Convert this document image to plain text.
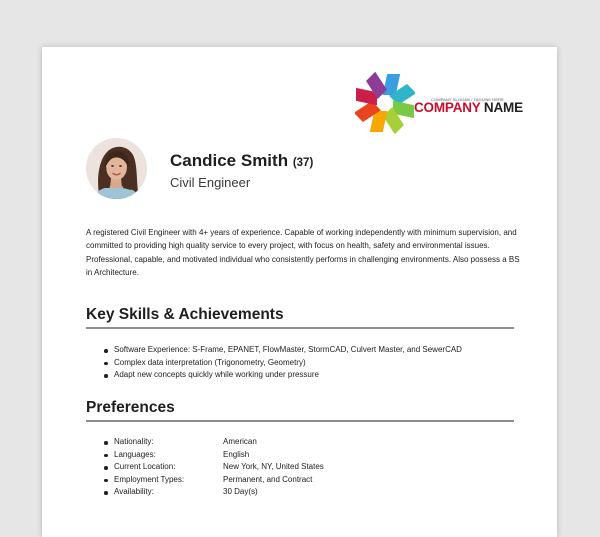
COMPANY SLOGAN / TAGLINE HERE
COMPANY NAME
Candice Smith (37)
Civil Engineer
A registered Civil Engineer with 4+ years of experience. Capable of working independently with minimum supervision, and committed to providing high quality service to every project, with focus on health, safety and environmental issues. Professional, capable, and motivated individual who consistently performs in challenging environments. Also possess a BS in Architecture.
Key Skills & Achievements
Software Experience: S-Frame, EPANET, FlowMaster, StormCAD, Culvert Master, and SewerCAD
Complex data interpretation (Trigonometry, Geometry)
Adapt new concepts quickly while working under pressure
Preferences
Nationality:	American
Languages:	English
Current Location:	New York, NY, United States
Employment Types:	Permanent, and Contract
Availability:	30 Day(s)
